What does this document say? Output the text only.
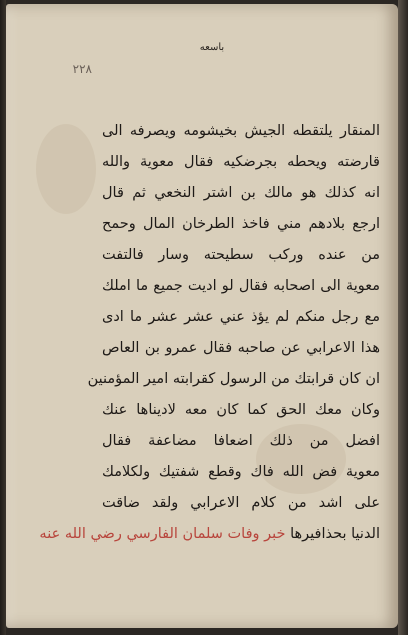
باسعه
٢٢٨
المنقار يلتقطه الجيش بخيشومه ويصرفه الى
قارضته ويحطه بجرضكيه فقال معوية والله
انه كذلك هو مالك بن اشتر النخعي ثم قال
ارجع بلادهم مني فاخذ الطرخان المال وحمح
من عنده وركب سطيحته وسار فالتفت
معوية الى اصحابه فقال لو اديت جميع ما املك
مع رجل منكم لم يؤذ عني عشر عشر ما ادى
هذا الاعرابي عن صاحبه فقال عمرو بن العاص
ان كان قرابتك من الرسول كقرابته امير المؤمنين
وكان معك الحق كما كان معه لاديناها عنك
افضل من ذلك اضعافا مضاعفة فقال
معوية فض الله فاك وقطع شفتيك ولكلامك
على اشد من كلام الاعرابي ولقد ضاقت
الدنيا بحذافيرها خبر وفات سلمان الفارسي رضي الله عنه
